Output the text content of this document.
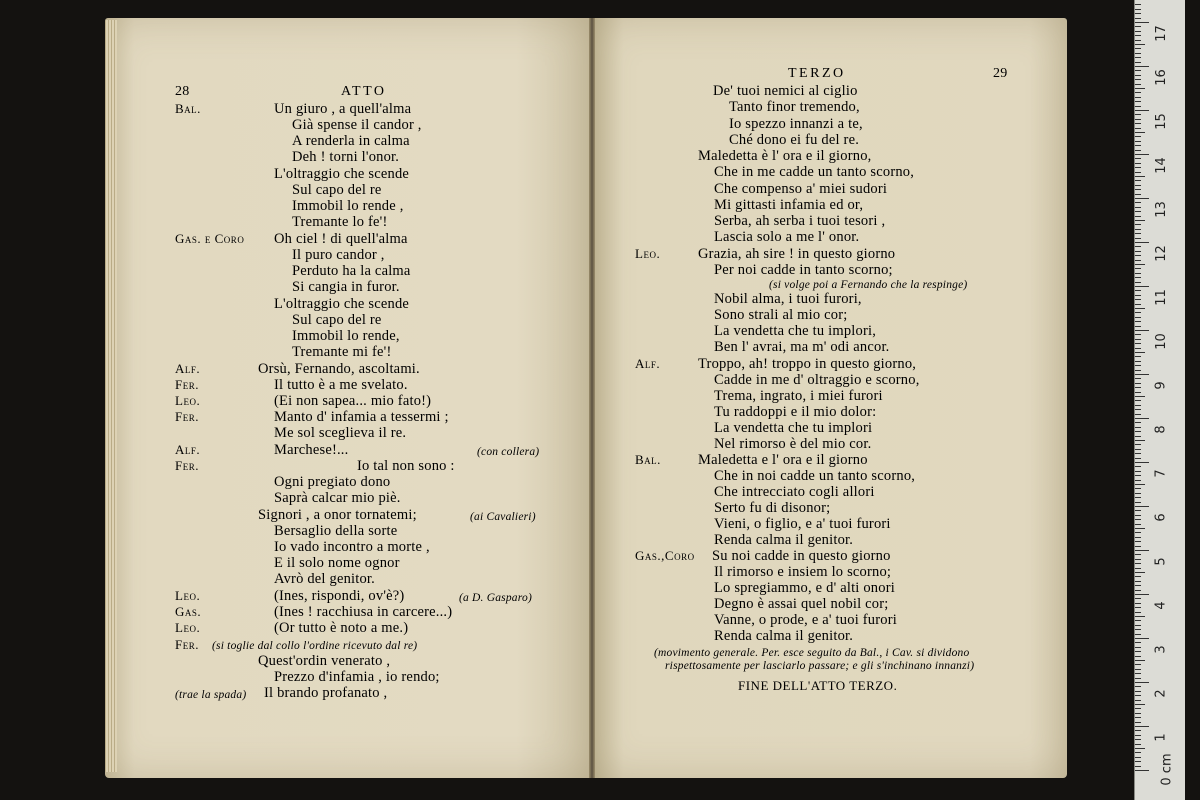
28	ATTO
Bal.	Un giuro , a quell'alma
Già spense il candor ,
A renderla in calma
Deh ! torni l'onor.
L'oltraggio che scende
Sul capo del re
Immobil lo rende ,
Tremante lo fe'!
Gas. e Coro Oh ciel ! di quell'alma
Il puro candor ,
Perduto ha la calma
Si cangia in furor.
L'oltraggio che scende
Sul capo del re
Immobil lo rende,
Tremante mi fe'!
Alf.	Orsù, Fernando, ascoltami.
Fer.	Il tutto è a me svelato.
Leo.	(Ei non sapea... mio fato!)
Fer.	Manto d' infamia a tessermi ;
Me sol sceglieva il re.
Alf.	Marchese!...	(con collera)
Fer.	Io tal non sono :
Ogni pregiato dono
Saprà calcar mio piè.
Signori , a onor tornatemi;	(ai Cavalieri)
Bersaglio della sorte
Io vado incontro a morte ,
E il solo nome ognor
Avrò del genitor.
Leo.	(Ines, rispondi, ov'è?)	(a D. Gasparo)
Gas.	(Ines ! racchiusa in carcere...)
Leo.	(Or tutto è noto a me.)
Fer. (si toglie dal collo l'ordine ricevuto dal re)
Quest'ordin venerato ,
Prezzo d'infamia , io rendo;
(trae la spada) Il brando profanato ,
TERZO	29
De' tuoi nemici al ciglio
Tanto finor tremendo,
Io spezzo innanzi a te,
Ché dono ei fu del re.
Maledetta è l' ora e il giorno,
Che in me cadde un tanto scorno,
Che compenso a' miei sudori
Mi gittasti infamia ed or,
Serba, ah serba i tuoi tesori ,
Lascia solo a me l' onor.
Leo.	Grazia, ah sire ! in questo giorno
Per noi cadde in tanto scorno;
(si volge poi a Fernando che la respinge)
Nobil alma, i tuoi furori,
Sono strali al mio cor;
La vendetta che tu implori,
Ben l' avrai, ma m' odi ancor.
Alf.	Troppo, ah! troppo in questo giorno,
Cadde in me d' oltraggio e scorno,
Trema, ingrato, i miei furori
Tu raddoppi e il mio dolor:
La vendetta che tu implori
Nel rimorso è del mio cor.
Bal.	Maledetta e l' ora e il giorno
Che in noi cadde un tanto scorno,
Che intrecciato cogli allori
Serto fu di disonor;
Vieni, o figlio, e a' tuoi furori
Renda calma il genitor.
Gas.,Coro Su noi cadde in questo giorno
Il rimorso e insiem lo scorno;
Lo spregiammo, e d' alti onori
Degno è assai quel nobil cor;
Vanne, o prode, e a' tuoi furori
Renda calma il genitor.
(movimento generale. Per. esce seguito da Bal., i Cav. si dividono
rispettosamente per lasciarlo passare; e gli s'inchinano innanzi)
FINE DELL'ATTO TERZO.
0 cm
1
2
3
4
5
6
7
8
9
10
11
12
13
14
15
16
17
